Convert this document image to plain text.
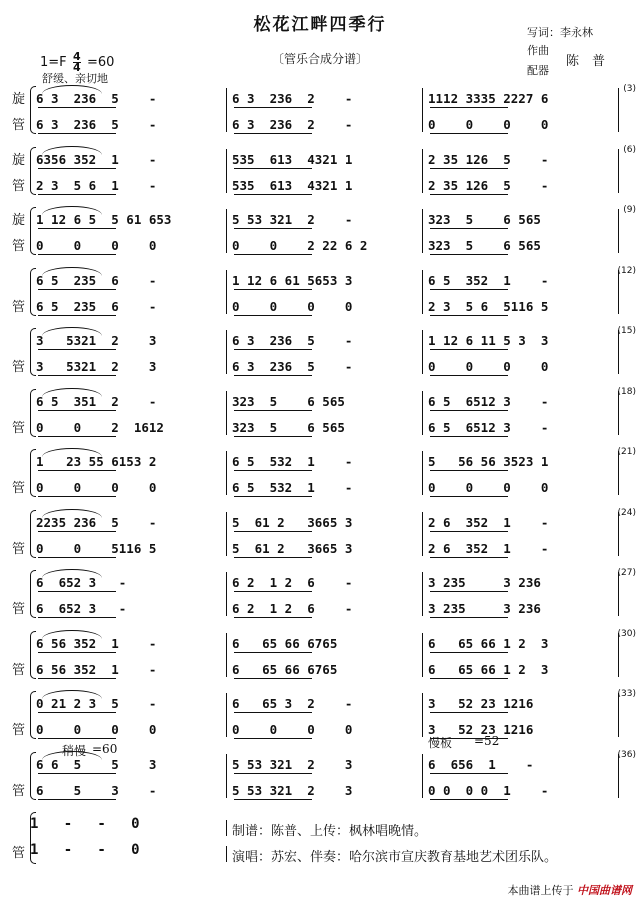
松花江畔四季行
〔管乐合成分谱〕
写词：李永林
作曲
配器
陈　普
$1=F \frac{4}{4} =60$
舒缓、亲切地
旋
管
6 3  236  5    -	6 3  236  2    -	1112 3335 2227 6
6 3  236  5    -	6 3  236  2    -	0    0    0    0
(3)
旋
管
6356 352  1    -	535  613  4321 1	2 35 126  5    -
2 3  5 6  1    -	535  613  4321 1	2 35 126  5    -
(6)
旋
管
1 12 6 5  5 61 653	5 53 321  2    -	323  5    6 565
0    0    0    0	0    0    2 22 6 2	323  5    6 565
(9)
管
6 5  235  6    -	1 12 6 61 5653 3	6 5  352  1    -
6 5  235  6    -	0    0    0    0	2 3  5 6  5116 5
(12)
管
3   5321  2    3	6 3  236  5    -	1 12 6 11 5 3  3
3   5321  2    3	6 3  236  5    -	0    0    0    0
(15)
管
6 5  351  2    -	323  5    6 565	6 5  6512 3    -
0    0    2  1612	323  5    6 565	6 5  6512 3    -
(18)
管
1   23 55 6153 2	6 5  532  1    -	5   56 56 3523 1
0    0    0    0	6 5  532  1    -	0    0    0    0
(21)
管
2235 236  5    -	5  61 2   3665 3	2 6  352  1    -
0    0    5116 5	5  61 2   3665 3	2 6  352  1    -
(24)
管
6  652 3   -	6 2  1 2  6    -	3 235     3 236
6  652 3   -	6 2  1 2  6    -	3 235     3 236
(27)
管
6 56 352  1    -	6   65 66 6765	6   65 66 1 2  3
6 56 352  1    -	6   65 66 6765	6   65 66 1 2  3
(30)
管
0 21 2 3  5    -	6   65 3  2    -	3   52 23 1216
0    0    0    0	0    0    0    0	3   52 23 1216
(33)
管
6 6  5    5    3	5 53 321  2    3	6  656  1    -
6    5    3    -	5 53 321  2    3	0 0  0 0  1    -
(36)
稍慢 =60	慢板 =52
1   -   -   0
管 1   -   -   0
制谱：陈普、上传：枫林唱晚情。
演唱：苏宏、伴奏：哈尔滨市宣庆教育基地艺术团乐队。
本曲谱上传于 中国曲谱网
